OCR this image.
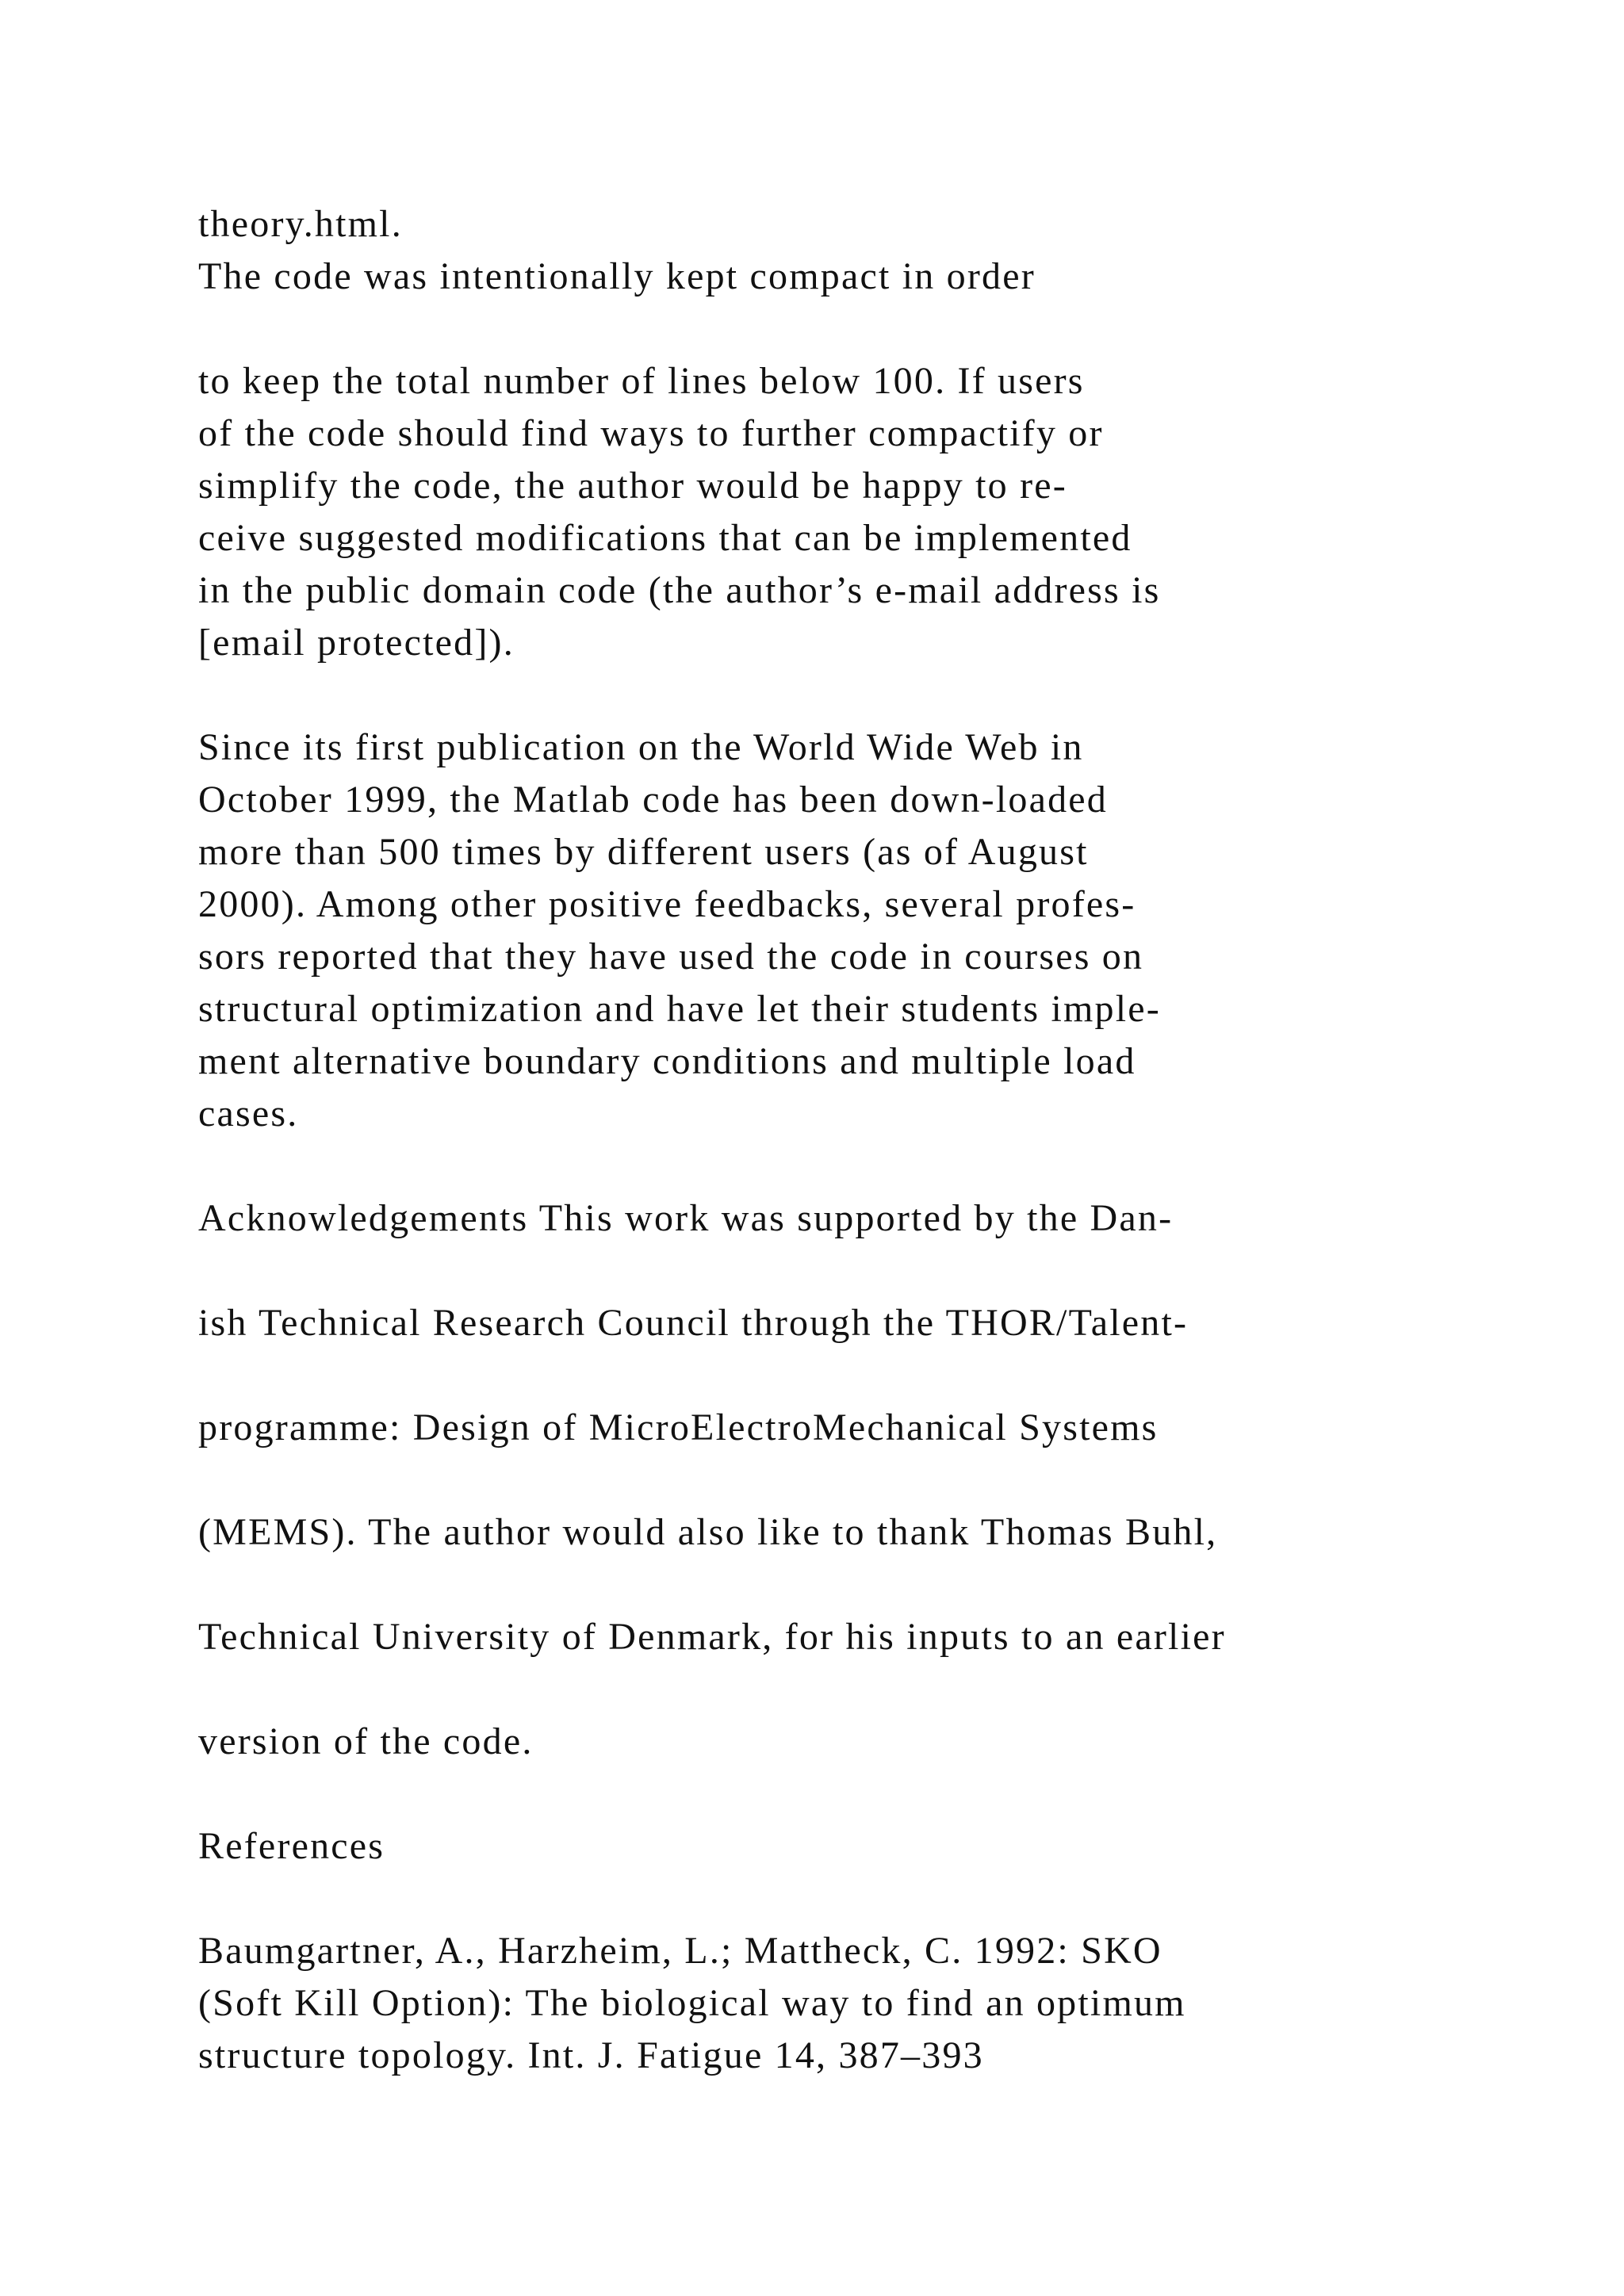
theory.html.
The code was intentionally kept compact in order
to keep the total number of lines below 100. If users
of the code should find ways to further compactify or
simplify the code, the author would be happy to re-
ceive suggested modifications that can be implemented
in the public domain code (the author’s e-mail address is
[email protected]).
Since its first publication on the World Wide Web in
October 1999, the Matlab code has been down-loaded
more than 500 times by different users (as of August
2000). Among other positive feedbacks, several profes-
sors reported that they have used the code in courses on
structural optimization and have let their students imple-
ment alternative boundary conditions and multiple load
cases.
Acknowledgements This work was supported by the Dan-
ish Technical Research Council through the THOR/Talent-
programme: Design of MicroElectroMechanical Systems
(MEMS). The author would also like to thank Thomas Buhl,
Technical University of Denmark, for his inputs to an earlier
version of the code.
References
Baumgartner, A., Harzheim, L.; Mattheck, C. 1992: SKO
(Soft Kill Option): The biological way to find an optimum
structure topology. Int. J. Fatigue 14, 387–393
